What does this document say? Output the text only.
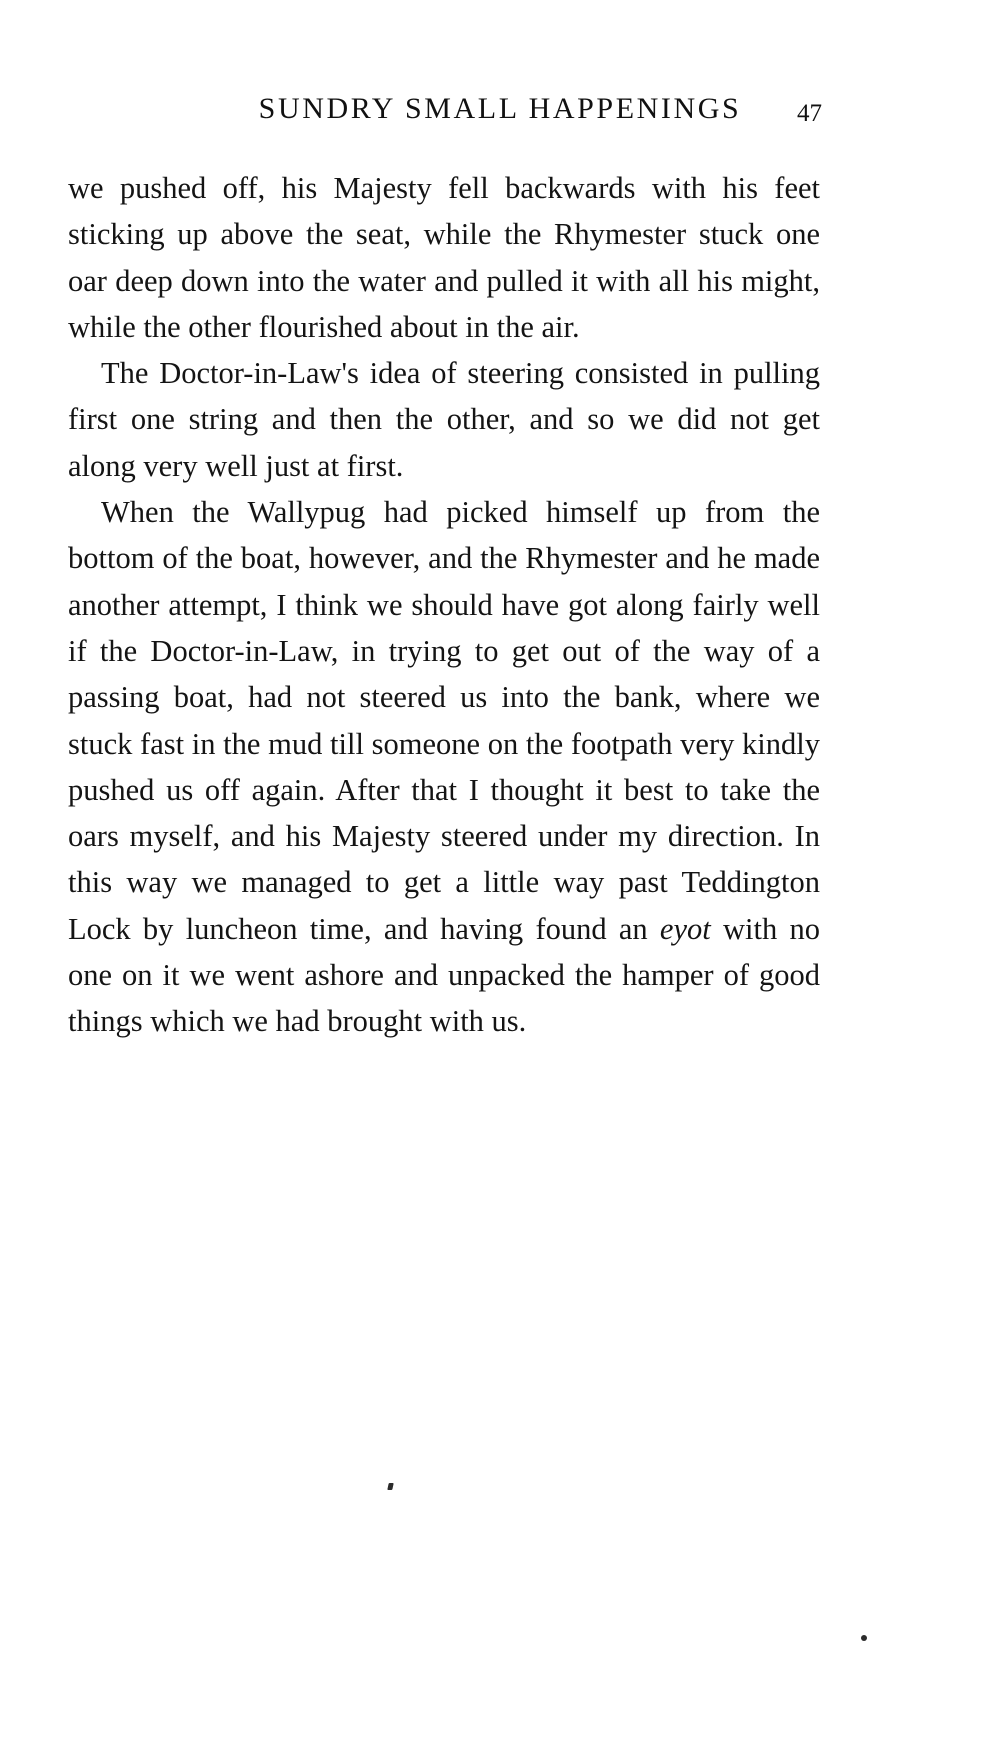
SUNDRY SMALL HAPPENINGS 47

we pushed off, his Majesty fell backwards with his feet sticking up above the seat, while the Rhymester stuck one oar deep down into the water and pulled it with all his might, while the other flourished about in the air.

The Doctor-in-Law's idea of steering consisted in pulling first one string and then the other, and so we did not get along very well just at first.

When the Wallypug had picked himself up from the bottom of the boat, however, and the Rhymester and he made another attempt, I think we should have got along fairly well if the Doctor-in-Law, in trying to get out of the way of a passing boat, had not steered us into the bank, where we stuck fast in the mud till someone on the footpath very kindly pushed us off again. After that I thought it best to take the oars myself, and his Majesty steered under my direction. In this way we managed to get a little way past Teddington Lock by luncheon time, and having found an eyot with no one on it we went ashore and unpacked the hamper of good things which we had brought with us.
